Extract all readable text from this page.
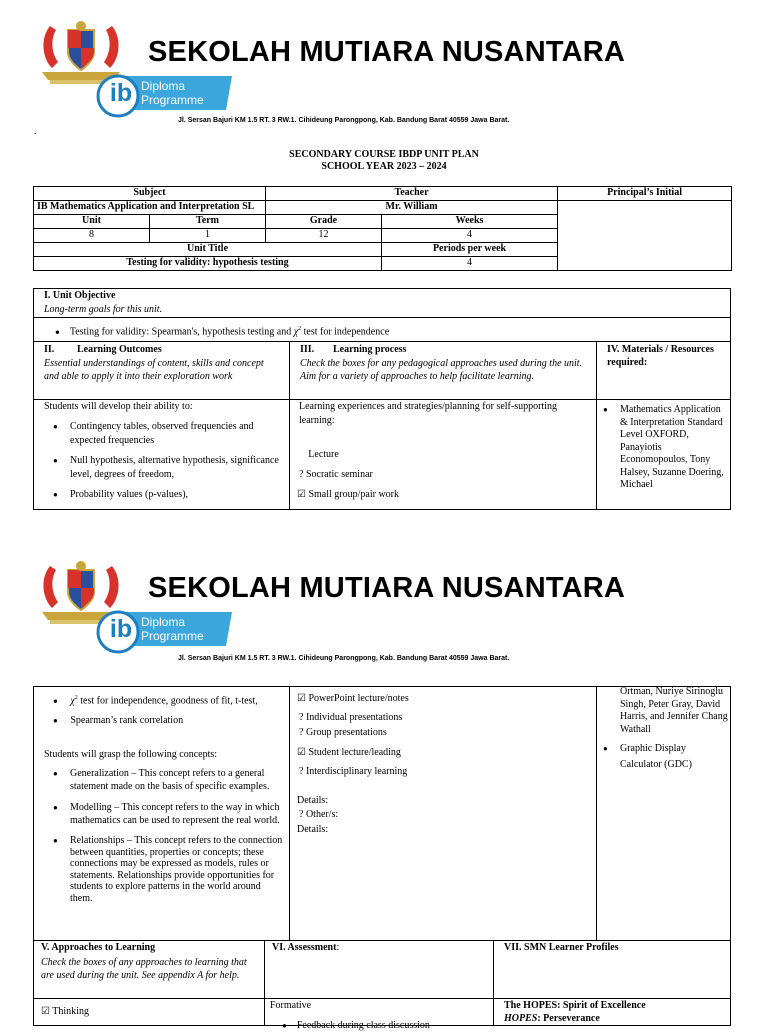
ib Diploma
Programme
SEKOLAH MUTIARA NUSANTARA
Jl. Sersan Bajuri KM 1.5 RT. 3 RW.1. Cihideung Parongpong, Kab. Bandung Barat 40559 Jawa Barat.
.
SECONDARY COURSE IBDP UNIT PLAN
SCHOOL YEAR 2023 – 2024
Subject		Teacher		Principal’s Initial
IB Mathematics Application and Interpretation SL		Mr. William		
Unit	Term	Grade	Weeks	
8	1	12	4	
Unit Title			Periods per week	
Testing for validity: hypothesis testing			4	
I. Unit Objective
Long-term goals for this unit.
● Testing for validity: Spearman's, hypothesis testing and $\chi^2$ test for independence
II. Learning Outcomes
Essential understandings of content, skills and concept and able to apply it into their exploration work
Students will develop their ability to:
● Contingency tables, observed frequencies and expected frequencies
● Null hypothesis, alternative hypothesis, significance level, degrees of freedom,
● Probability values (p-values),
III. Learning process
Check the boxes for any pedagogical approaches used during the unit. Aim for a variety of approaches to help facilitate learning.
Learning experiences and strategies/planning for self-supporting learning:
Lecture
? Socratic seminar
☑ Small group/pair work
IV. Materials / Resources required:
● Mathematics Application & Interpretation Standard Level OXFORD, Panayiotis Economopoulos, Tony Halsey, Suzanne Doering, Michael
ib Diploma
Programme
SEKOLAH MUTIARA NUSANTARA
Jl. Sersan Bajuri KM 1.5 RT. 3 RW.1. Cihideung Parongpong, Kab. Bandung Barat 40559 Jawa Barat.
● $\chi^2$ test for independence, goodness of fit, t-test,
● Spearman’s rank correlation
Students will grasp the following concepts:
● Generalization – This concept refers to a general statement made on the basis of specific examples.
● Modelling – This concept refers to the way in which mathematics can be used to represent the real world.
● Relationships – This concept refers to the connection between quantities, properties or concepts; these connections may be expressed as models, rules or statements. Relationships provide opportunities for students to explore patterns in the world around them.
☑ PowerPoint lecture/notes
? Individual presentations
? Group presentations
☑ Student lecture/leading
? Interdisciplinary learning
Details:
? Other/s:
Details:
Ortman, Nuriye Sirinoglu Singh, Peter Gray, David Harris, and Jennifer Chang Wathall
● Graphic Display Calculator (GDC)
V. Approaches to Learning
Check the boxes of any approaches to learning that are used during the unit. See appendix A for help.
☑ Thinking
VI. Assessment:
Formative
● Feedback during class discussion
VII. SMN Learner Profiles
The HOPES: Spirit of Excellence
HOPES: Perseverance
